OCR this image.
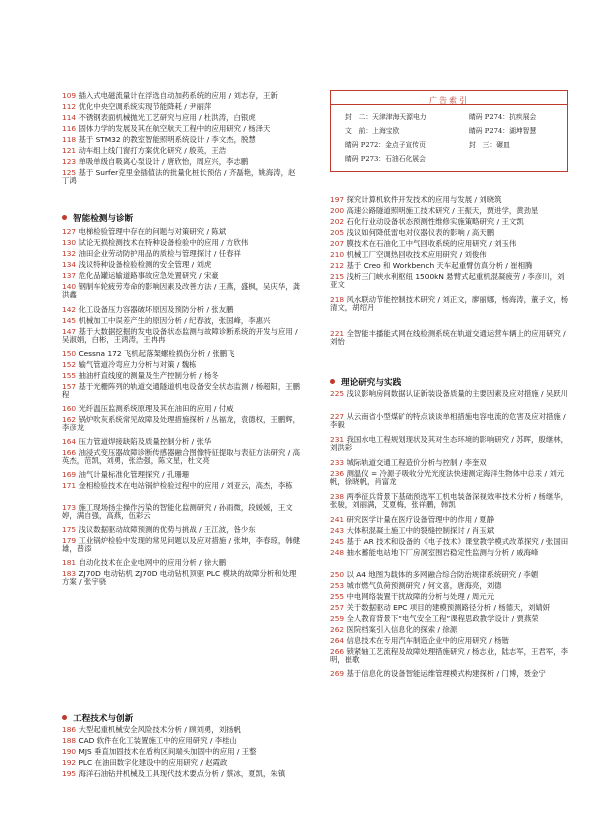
109 插入式电磁流量计在浮选自动加药系统的应用 / 刘志存，王新
112 优化中央空调系统实现节能降耗 / 尹丽萍
114 不锈钢表面机械抛光工艺研究与应用 / 杜洪涛，白银虎
116 固体力学的发展及其在航空航天工程中的应用研究 / 杨泽天
118 基于 STM32 的教室智能照明系统设计 / 李文杰，脱慧
121 动车组上线门窗打方案优化研究 / 殷英，王浩
123 单吸单级自吸离心泵设计 / 唐欣怡，周应兴，李志鹏
125 基于 Surfer克里金插值法的批量化桩长预估 / 齐磊艳，姚海涛，赵丁鸿
智能检测与诊断
127 电梯检验管理中存在的问题与对策研究 / 陈斌
130 试论无损检测技术在特种设备检验中的应用 / 方欣伟
132 油田企业劳动防护用品的质检与管理探讨 / 任春祥
134 浅议特种设备检验检测的安全管理 / 刘虎
137 危化品罐运输道路事故应急处置研究 / 宋豪
140 钢制车轮疲劳寿命的影响因素及改善方法 / 王燕，盛枫，吴庆华，龚洪鑫
142 化工设备压力容器破坏原因及预防分析 / 张友鹏
145 机械加工中误差产生的原因分析 / 纪春波，张国峰，李惠兴
147 基于大数据挖掘的发电设备状态监测与故障诊断系统的开发与应用 / 吴淑娟，白彬，王鸿涛，王冉冉
150 Cessna 172 飞机起落架螺栓损伤分析 / 张鹏飞
152 输气管道冷弯应力分析与对策 / 魏栋
155 抽油杆直线度的测量及生产控制分析 / 杨冬
157 基于光栅阵列的轨道交通隧道机电设备安全状态监测 / 杨超阳，王鹏程
160 光纤温压监测系统原理及其在油田的应用 / 付威
162 锅炉吹灰系统常见故障及处理措施探析 / 丛福龙，袁德权，王鹏辉，李彦龙
164 压力管道焊接缺陷及质量控制分析 / 张华
166 油浸式变压器故障诊断传感器融合图像特征提取与表征方法研究 / 高英杰，范凯，刘勇，张浩强，陈文星，杜文亮
169 油气计量标准化管理探究 / 孔珊珊
171 金相检验技术在电站锅炉检验过程中的应用 / 刘亚云，高杰，李栋
173 施工现场扬尘操作污染的智能化监测研究 / 孙雨微，段媛媛，王文婷，满自强，高燕，伍彩云
175 浅议数据驱动故障预测的优势与挑战 / 王江波，昝少东
179 工业锅炉检验中发现的常见问题以及应对措施 / 张坤，李春琼，韩健雄，普添
181 自动化技术在企业电网中的应用分析 / 徐大鹏
183 ZJ70D 电动钻机 ZJ70D 电动钻机顶驱 PLC 模块的故障分析和处理方案 / 张宇骁
工程技术与创新
186 大型起重机械安全风险技术分析 / 顾刘勇，刘扬帆
188 CAD 软件在化工装置施工中的应用研究 / 李桂山
190 MJS 垂直加固技术在盾构区间端头加固中的应用 / 王整
192 PLC 在油田数字化建设中的应用研究 / 赵霞政
195 海洋石油钻井机械及工具现代技术要点分析 / 蔡冰，夏凯，朱镇
广告索引
封　二：天津津海天源电力	睛码 P274：抗疾展会
文　前：上海宝欧	睛码 P274：湖坤智慧
睛码 P272：金点子宣传页	封　三：碾皿
睛码 P273：石油石化展会
197 探究计算机软件开发技术的应用与发展 / 刘晓筑
200 高速公路隧道照明施工技术研究 / 王振天，贾进学，黄劲星
202 石化行业动设备状态预测性维修实施策略研究 / 王文凯
205 浅议如何降低雷电对仪器仪表的影响 / 高天鹏
207 膜技术在石油化工中气回收系统的应用研究 / 刘玉伟
210 机械工厂空调热回收技术应用研究 / 刘俊伟
212 基于 Creo 和 Workbench 天车起重臂仿真分析 / 崔相腾
215 浅析三门峡水利枢纽 1500kN 悬臂式起重机混凝疲劳 / 李彦川，刘亚文
218 风水联动节能控制技术研究 / 刘正文，廖丽娜，杨海涛，董子文，杨清文，胡绍月
221 全智能丰播能式网在线检测系统在轨道交通运营车辆上的应用研究 / 刘怡
理论研究与实践
225 浅议影响房间数据认证新装设备质量的主要因素及应对措施 / 吴跃川
227 从云南省小型煤矿的特点谈谈单相措施电容电流的危害及应对措施 / 李毅
231 我国水电工程规划现状及其对生态环境的影响研究 / 苏晖，殷继林，刘洪彩
233 城际轨道交通工程造价分析与控制 / 李奎双
236 测温仪 = 冷源子吸收分光光度法快速测定海洋生物体中总汞 / 刘元帆，徐晓帆，肖富龙
238 两季征兵背景下基础预选军工机电装备深视效率技术分析 / 杨继华，张骏，刘丽满，艾夏梅，张祥鹏，韩凯
241 研究医学计量在医疗设备管理中的作用 / 夏静
243 大体积混凝土施工中的裂缝控制探讨 / 肖玉斌
245 基于 AR 技术和设备的《电子技术》课堂教学模式改革探究 / 张国田
248 抽水蓄能电站地下厂房洞室围岩稳定性监测与分析 / 戚海峰
250 以 A4 地图为载体的多网融合综合防治规律系统研究 / 李媚
253 城市燃气负荷预测研究 / 何文喜，唐海亮，刘德
255 中电网络装置干扰故障的分析与处理 / 周元元
257 关于数据驱动 EPC 项目的建模预测路径分析 / 杨德天，刘婧妍
259 全人教育背景下“电气安全工程”课程思政教学设计 / 贾燕荣
262 医院档案引入信息化的探索 / 徐源
264 信息技术在专用汽车制造企业中的应用研究 / 杨锴
266 锁紧轴工艺流程及故障处理措施研究 / 杨志业，陆志军，王君军，李明，崔歌
269 基于信息化的设备智能运维管理模式构建探析 / 门博，聂金宁
